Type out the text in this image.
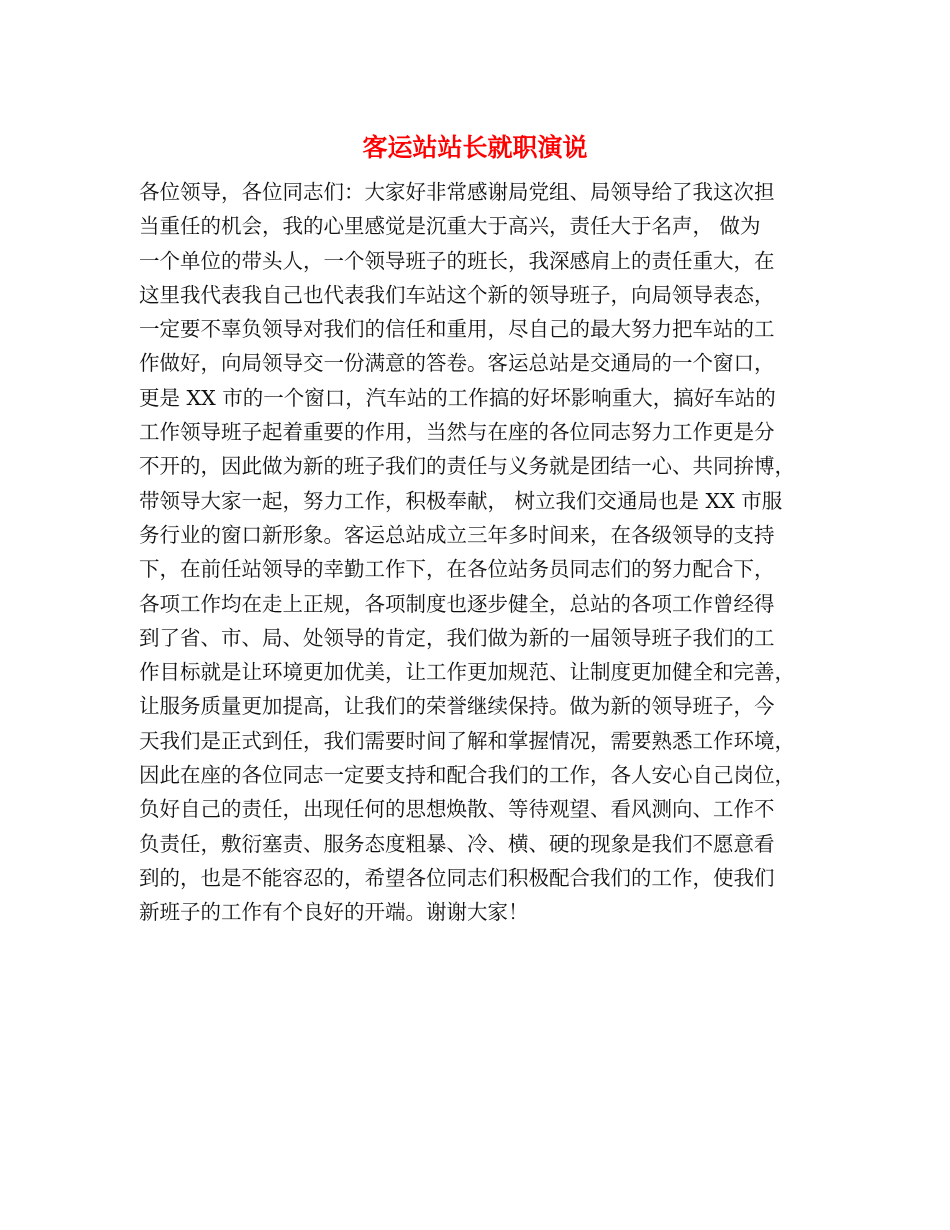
客运站站长就职演说
各位领导，各位同志们：大家好非常感谢局党组、局领导给了我这次担
当重任的机会，我的心里感觉是沉重大于高兴，责任大于名声， 做为
一个单位的带头人，一个领导班子的班长，我深感肩上的责任重大，在
这里我代表我自己也代表我们车站这个新的领导班子，向局领导表态，
一定要不辜负领导对我们的信任和重用，尽自己的最大努力把车站的工
作做好，向局领导交一份满意的答卷。客运总站是交通局的一个窗口，
更是 XX 市的一个窗口，汽车站的工作搞的好坏影响重大，搞好车站的
工作领导班子起着重要的作用，当然与在座的各位同志努力工作更是分
不开的，因此做为新的班子我们的责任与义务就是团结一心、共同拚博，
带领导大家一起，努力工作，积极奉献， 树立我们交通局也是 XX 市服
务行业的窗口新形象。客运总站成立三年多时间来，在各级领导的支持
下，在前任站领导的幸勤工作下，在各位站务员同志们的努力配合下，
各项工作均在走上正规，各项制度也逐步健全，总站的各项工作曾经得
到了省、市、局、处领导的肯定，我们做为新的一届领导班子我们的工
作目标就是让环境更加优美，让工作更加规范、让制度更加健全和完善，
让服务质量更加提高，让我们的荣誉继续保持。做为新的领导班子，今
天我们是正式到任，我们需要时间了解和掌握情况，需要熟悉工作环境，
因此在座的各位同志一定要支持和配合我们的工作，各人安心自己岗位，
负好自己的责任，出现任何的思想焕散、等待观望、看风测向、工作不
负责任，敷衍塞责、服务态度粗暴、冷、横、硬的现象是我们不愿意看
到的，也是不能容忍的，希望各位同志们积极配合我们的工作，使我们
新班子的工作有个良好的开端。谢谢大家！
